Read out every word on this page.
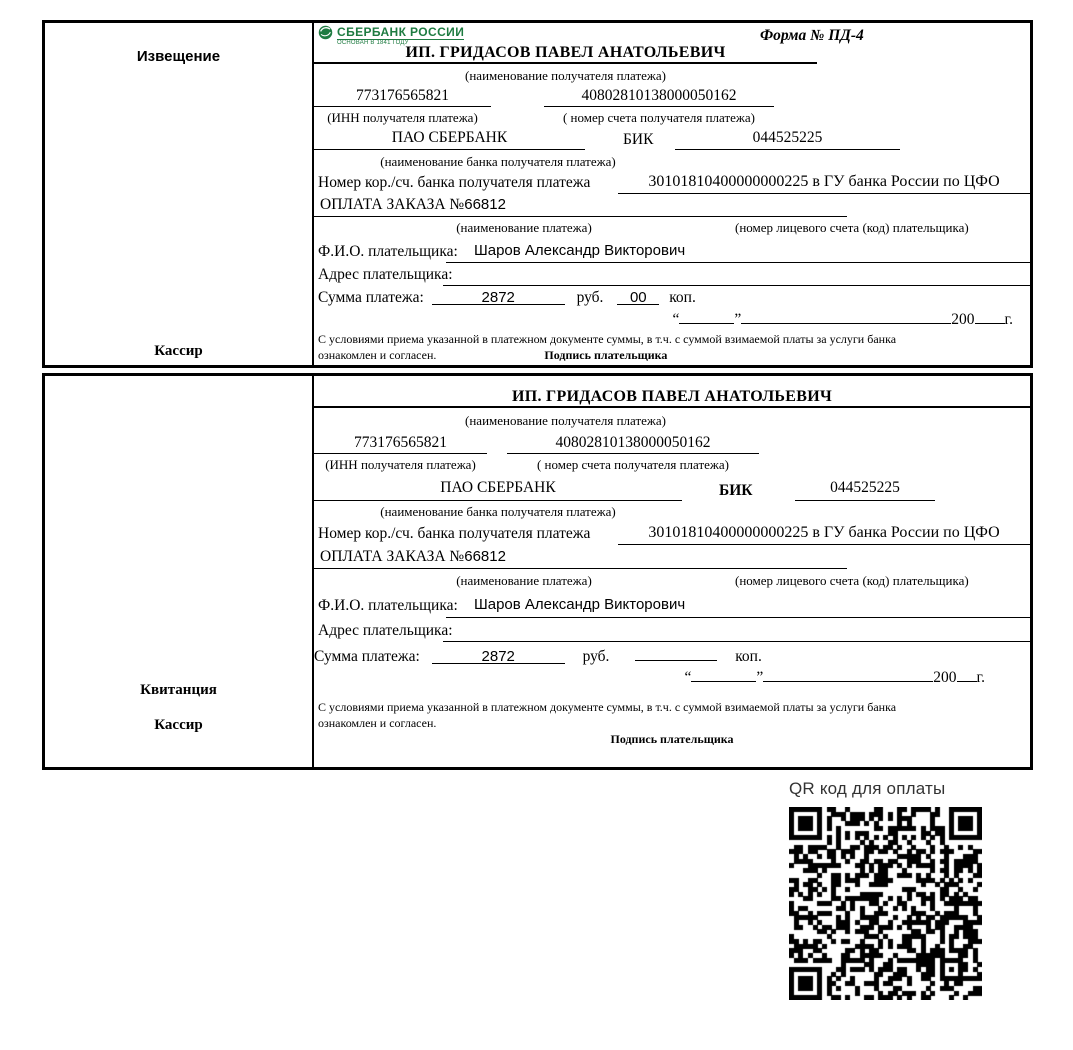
Извещение
Кассир
СБЕРБАНК РОССИИ
ОСНОВАН В 1841 ГОДУ	Форма № ПД-4
ИП. ГРИДАСОВ ПАВЕЛ АНАТОЛЬЕВИЧ
(наименование получателя платежа)
773176565821	40802810138000050162
(ИНН получателя платежа)	( номер счета получателя платежа)
ПАО СБЕРБАНК	БИК	044525225
(наименование банка получателя платежа)
Номер кор./сч. банка получателя платежа	30101810400000000225 в ГУ банка России по ЦФО
ОПЛАТА ЗАКАЗА №66812
(наименование платежа)	(номер лицевого счета (код) плательщика)
Ф.И.О. плательщика:	Шаров Александр Викторович
Адрес плательщика:
Сумма платежа:	2872	руб. 00 коп.
“	”	200 г.
С условиями приема указанной в платежном документе суммы, в т.ч. с суммой взимаемой платы за услуги банка
ознакомлен и согласен.	Подпись плательщика
Квитанция
Кассир
ИП. ГРИДАСОВ ПАВЕЛ АНАТОЛЬЕВИЧ
(наименование получателя платежа)
773176565821	40802810138000050162
(ИНН получателя платежа)	( номер счета получателя платежа)
ПАО СБЕРБАНК	БИК	044525225
(наименование банка получателя платежа)
Номер кор./сч. банка получателя платежа	30101810400000000225 в ГУ банка России по ЦФО
ОПЛАТА ЗАКАЗА №66812
(наименование платежа)	(номер лицевого счета (код) плательщика)
Ф.И.О. плательщика:	Шаров Александр Викторович
Адрес плательщика:
Сумма платежа:	2872	руб.	коп.
“	”	200 г.
С условиями приема указанной в платежном документе суммы, в т.ч. с суммой взимаемой платы за услуги банка
ознакомлен и согласен.
Подпись плательщика
QR код для оплаты
